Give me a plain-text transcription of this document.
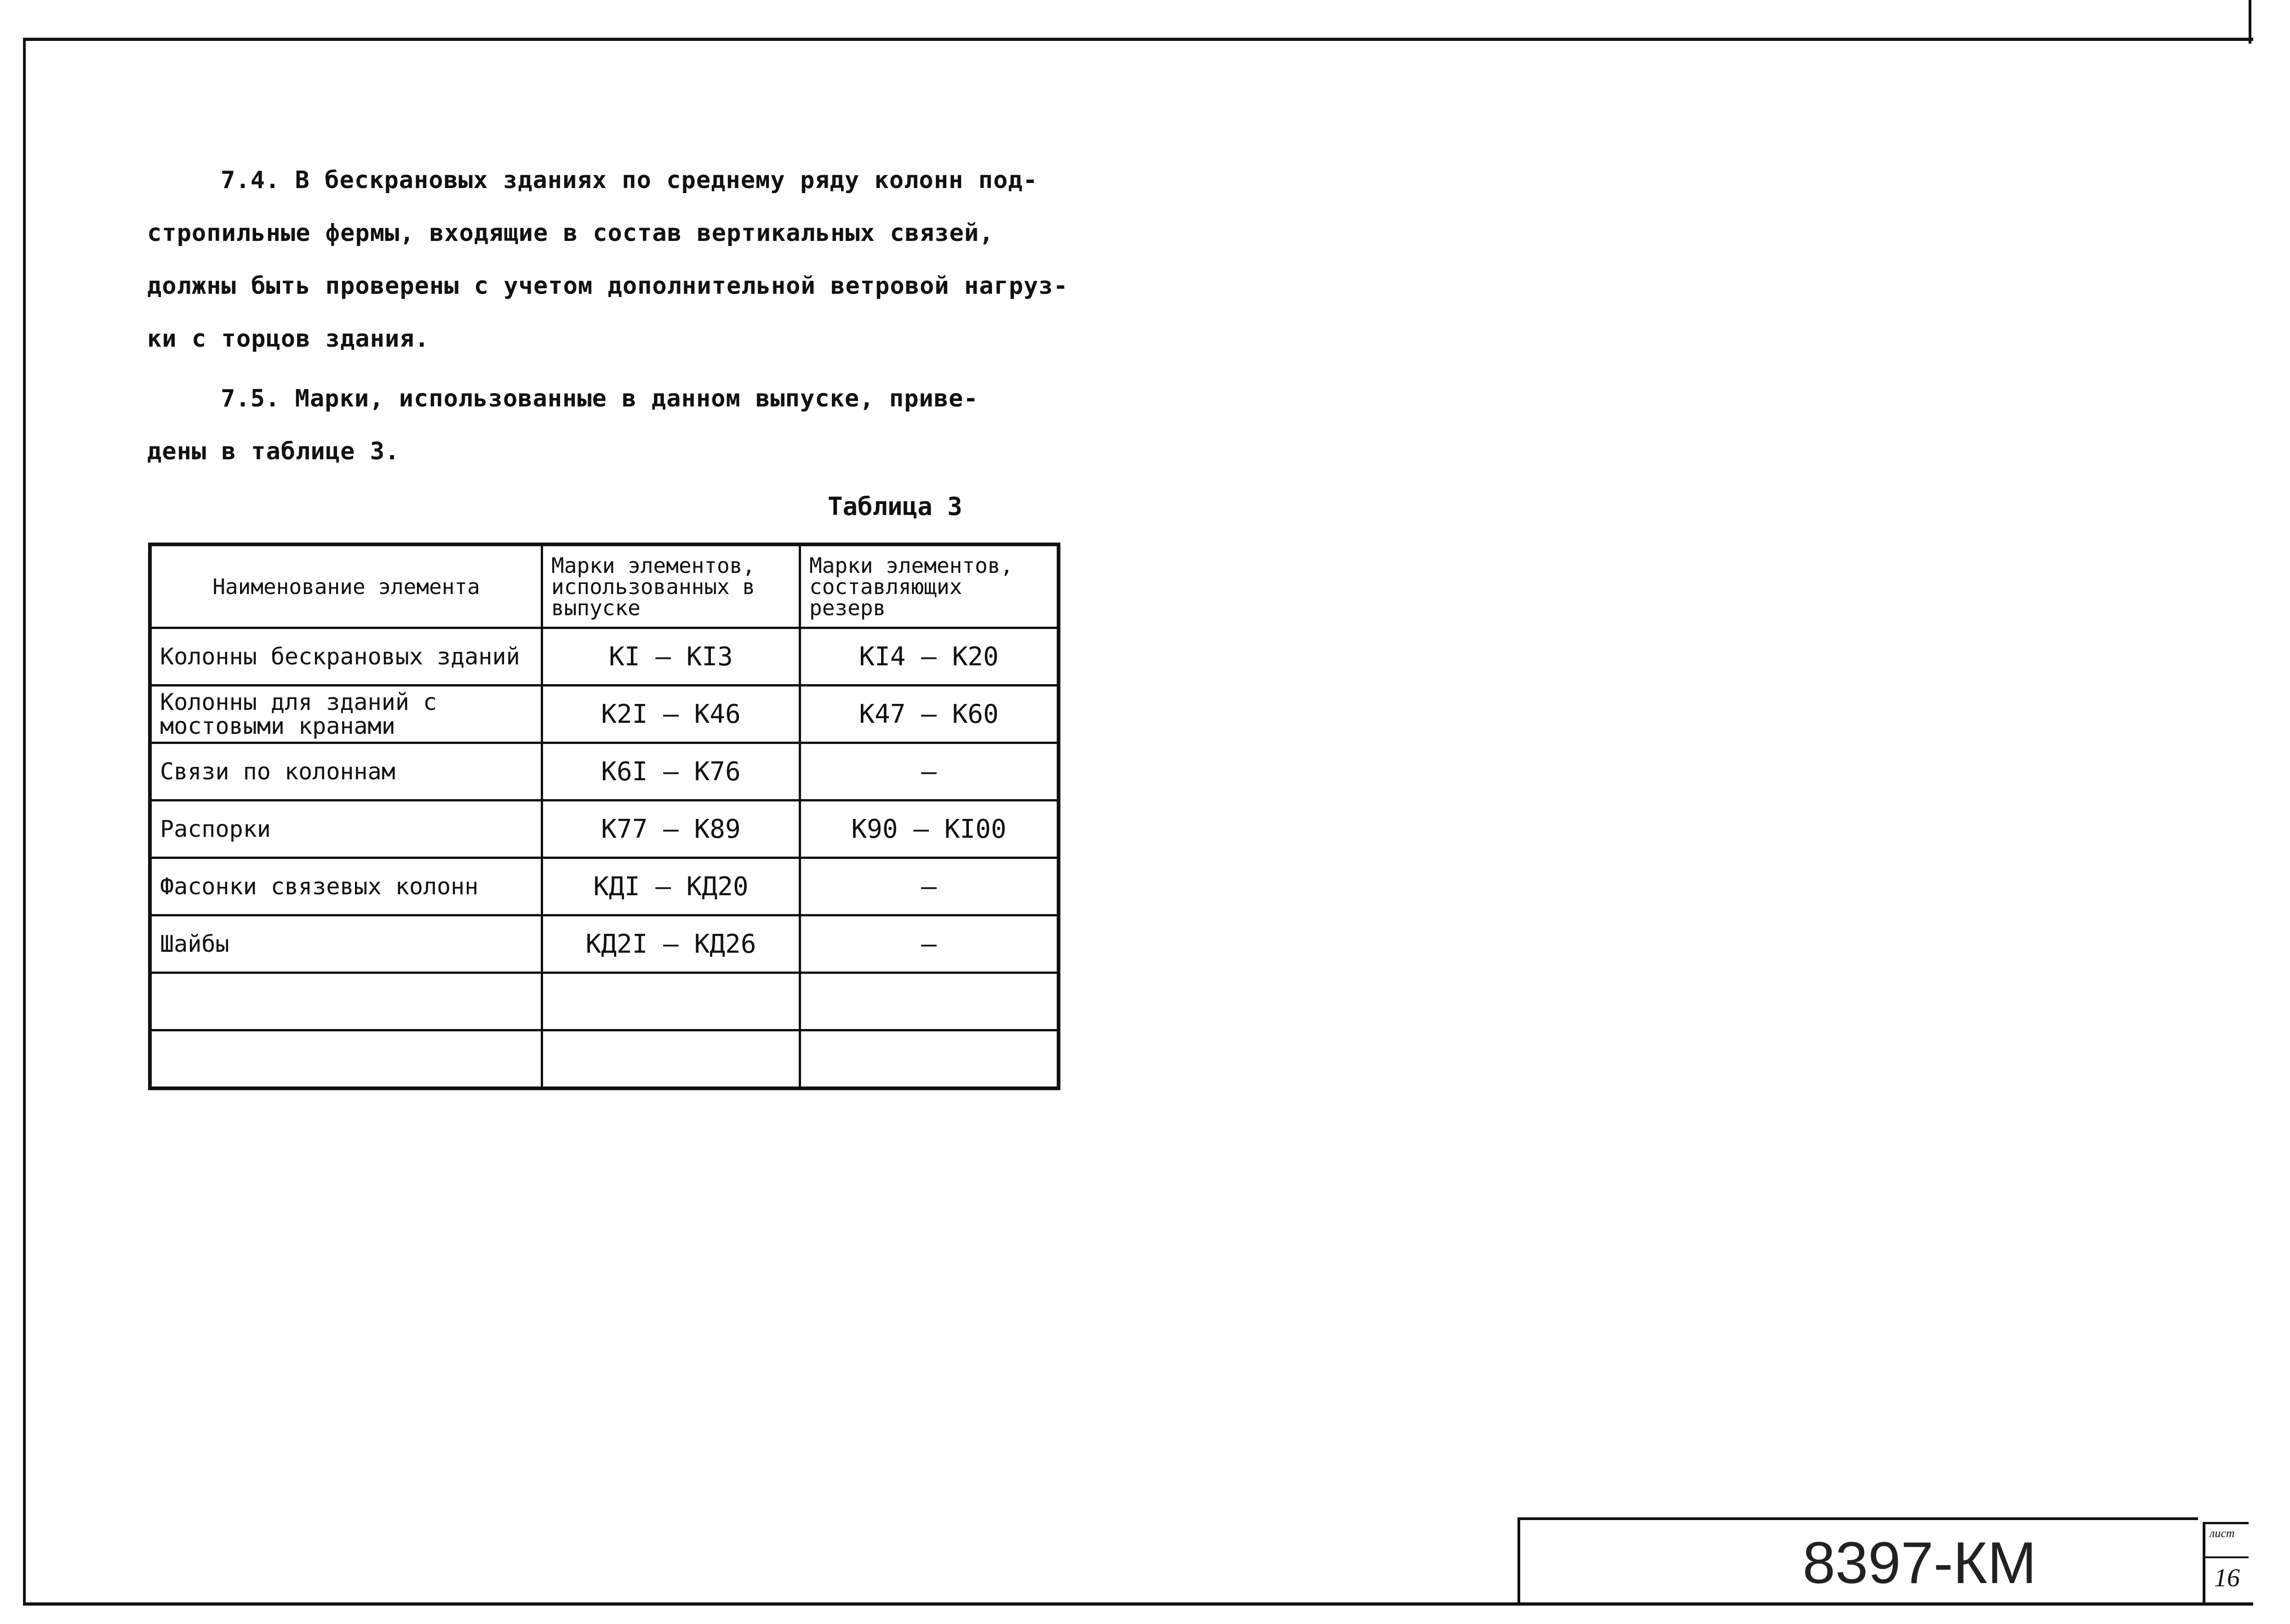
7.4. В бескрановых зданиях по среднему ряду колонн под-
стропильные фермы, входящие в состав вертикальных связей,
должны быть проверены с учетом дополнительной ветровой нагруз-
ки с торцов здания.
7.5. Марки, использованные в данном выпуске, приве-
дены в таблице 3.
Таблица 3
Наименование элемента	Марки элементов, использованных в выпуске	Марки элементов, составляющих резерв
Колонны бескрановых зданий	КI – КI3	КI4 – К20
Колонны для зданий с мостовыми кранами	К2I – К46	К47 – К60
Связи по колоннам	К6I – К76	–
Распорки	К77 – К89	К90 – КI00
Фасонки связевых колонн	КДI – КД20	–
Шайбы	КД2I – КД26	–

8397-КМ	лист
16
